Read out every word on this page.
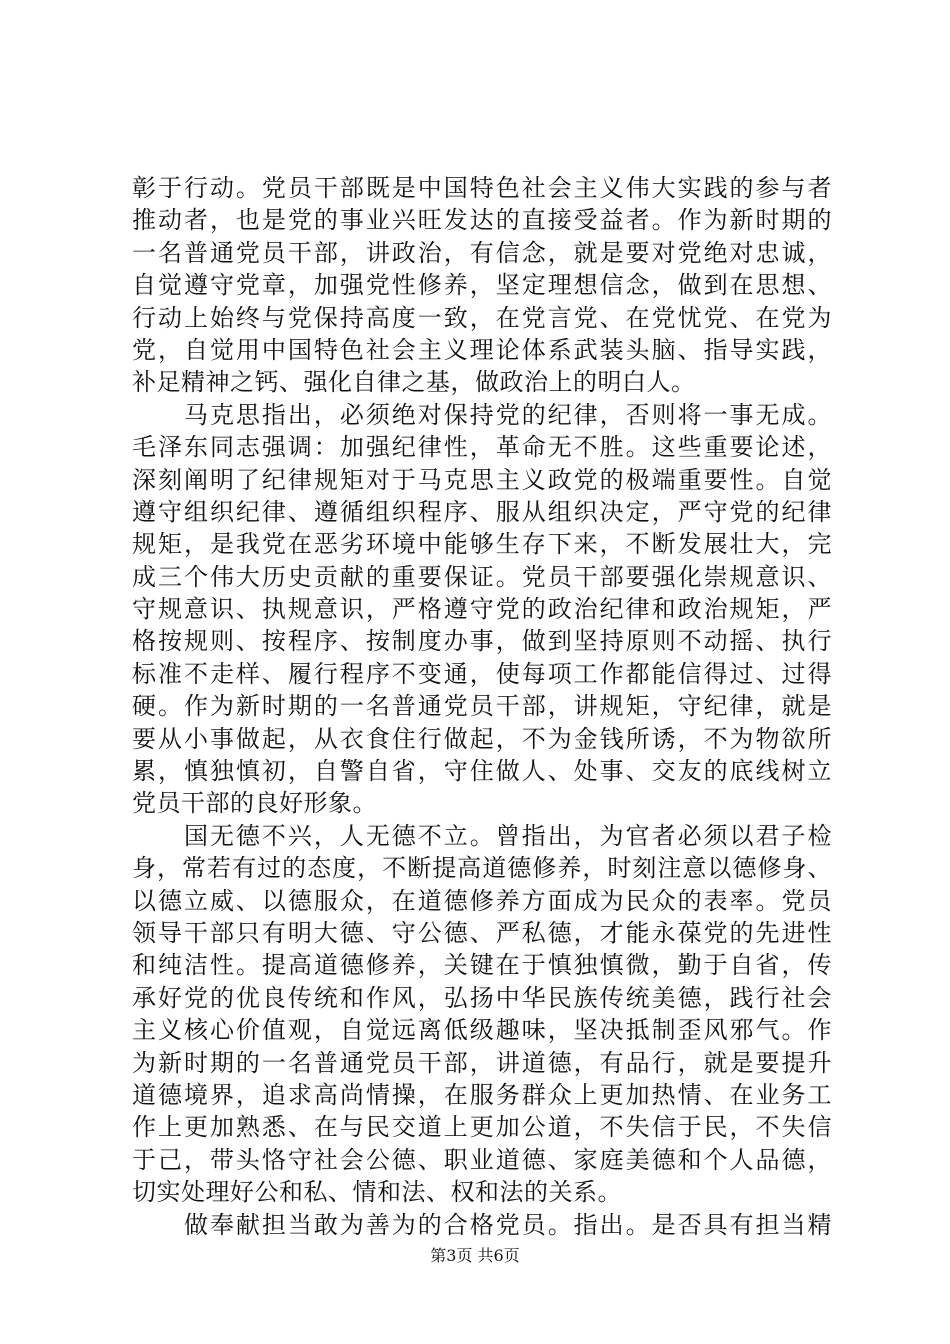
彰于行动。党员干部既是中国特色社会主义伟大实践的参与者
推动者，也是党的事业兴旺发达的直接受益者。作为新时期的
一名普通党员干部，讲政治，有信念，就是要对党绝对忠诚，
自觉遵守党章，加强党性修养，坚定理想信念，做到在思想、
行动上始终与党保持高度一致，在党言党、在党忧党、在党为
党，自觉用中国特色社会主义理论体系武装头脑、指导实践，
补足精神之钙、强化自律之基，做政治上的明白人。
　　马克思指出，必须绝对保持党的纪律，否则将一事无成。
毛泽东同志强调：加强纪律性，革命无不胜。这些重要论述，
深刻阐明了纪律规矩对于马克思主义政党的极端重要性。自觉
遵守组织纪律、遵循组织程序、服从组织决定，严守党的纪律
规矩，是我党在恶劣环境中能够生存下来，不断发展壮大，完
成三个伟大历史贡献的重要保证。党员干部要强化崇规意识、
守规意识、执规意识，严格遵守党的政治纪律和政治规矩，严
格按规则、按程序、按制度办事，做到坚持原则不动摇、执行
标准不走样、履行程序不变通，使每项工作都能信得过、过得
硬。作为新时期的一名普通党员干部，讲规矩，守纪律，就是
要从小事做起，从衣食住行做起，不为金钱所诱，不为物欲所
累，慎独慎初，自警自省，守住做人、处事、交友的底线树立
党员干部的良好形象。
　　国无德不兴，人无德不立。曾指出，为官者必须以君子检
身，常若有过的态度，不断提高道德修养，时刻注意以德修身、
以德立威、以德服众，在道德修养方面成为民众的表率。党员
领导干部只有明大德、守公德、严私德，才能永葆党的先进性
和纯洁性。提高道德修养，关键在于慎独慎微，勤于自省，传
承好党的优良传统和作风，弘扬中华民族传统美德，践行社会
主义核心价值观，自觉远离低级趣味，坚决抵制歪风邪气。作
为新时期的一名普通党员干部，讲道德，有品行，就是要提升
道德境界，追求高尚情操，在服务群众上更加热情、在业务工
作上更加熟悉、在与民交道上更加公道，不失信于民，不失信
于己，带头恪守社会公德、职业道德、家庭美德和个人品德，
切实处理好公和私、情和法、权和法的关系。
　　做奉献担当敢为善为的合格党员。指出。是否具有担当精
第3页 共6页
